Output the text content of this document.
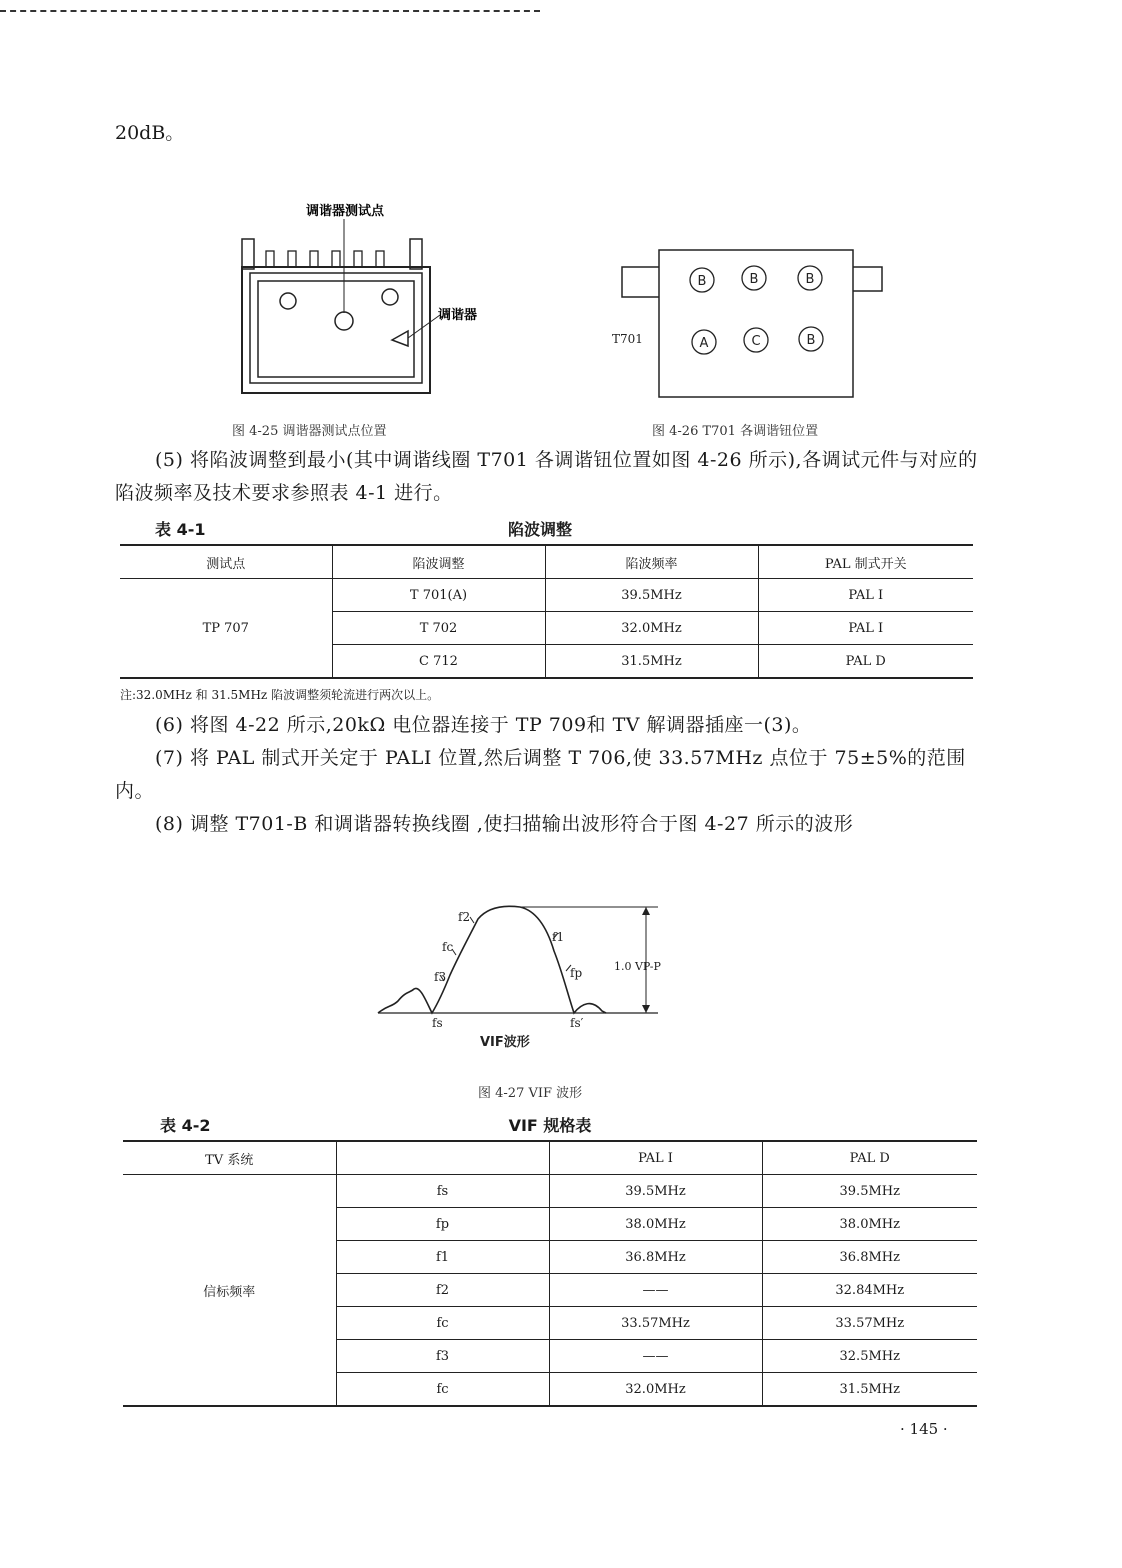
20dB。
调谐器测试点
调谐器
图 4-25 调谐器测试点位置
B	B	B
A	C	B
T701
图 4-26 T701 各调谐钮位置
(5) 将陷波调整到最小(其中调谐线圈 T701 各调谐钮位置如图 4-26 所示),各调试元件与对应的陷波频率及技术要求参照表 4-1 进行。
表 4-1	陷波调整
测试点	陷波调整	陷波频率	PAL 制式开关
TP 707	T 701(A)	39.5MHz	PAL I
	T 702	32.0MHz	PAL I
	C 712	31.5MHz	PAL D
注:32.0MHz 和 31.5MHz 陷波调整须轮流进行两次以上。
(6) 将图 4-22 所示,20kΩ 电位器连接于 TP 709和 TV 解调器插座一(3)。
(7) 将 PAL 制式开关定于 PALI 位置,然后调整 T 706,使 33.57MHz 点位于 75±5%的范围内。
(8) 调整 T701-B 和调谐器转换线圈 ,使扫描输出波形符合于图 4-27 所示的波形
f2
fc
f3
f1
fp
fs	fs′
1.0 VP-P
VIF波形
图 4-27 VIF 波形
表 4-2	VIF 规格表
TV 系统		PAL I	PAL D
信标频率	fs	39.5MHz	39.5MHz
	fp	38.0MHz	38.0MHz
	f1	36.8MHz	36.8MHz
	f2	——	32.84MHz
	fc	33.57MHz	33.57MHz
	f3	——	32.5MHz
	fc	32.0MHz	31.5MHz
· 145 ·
